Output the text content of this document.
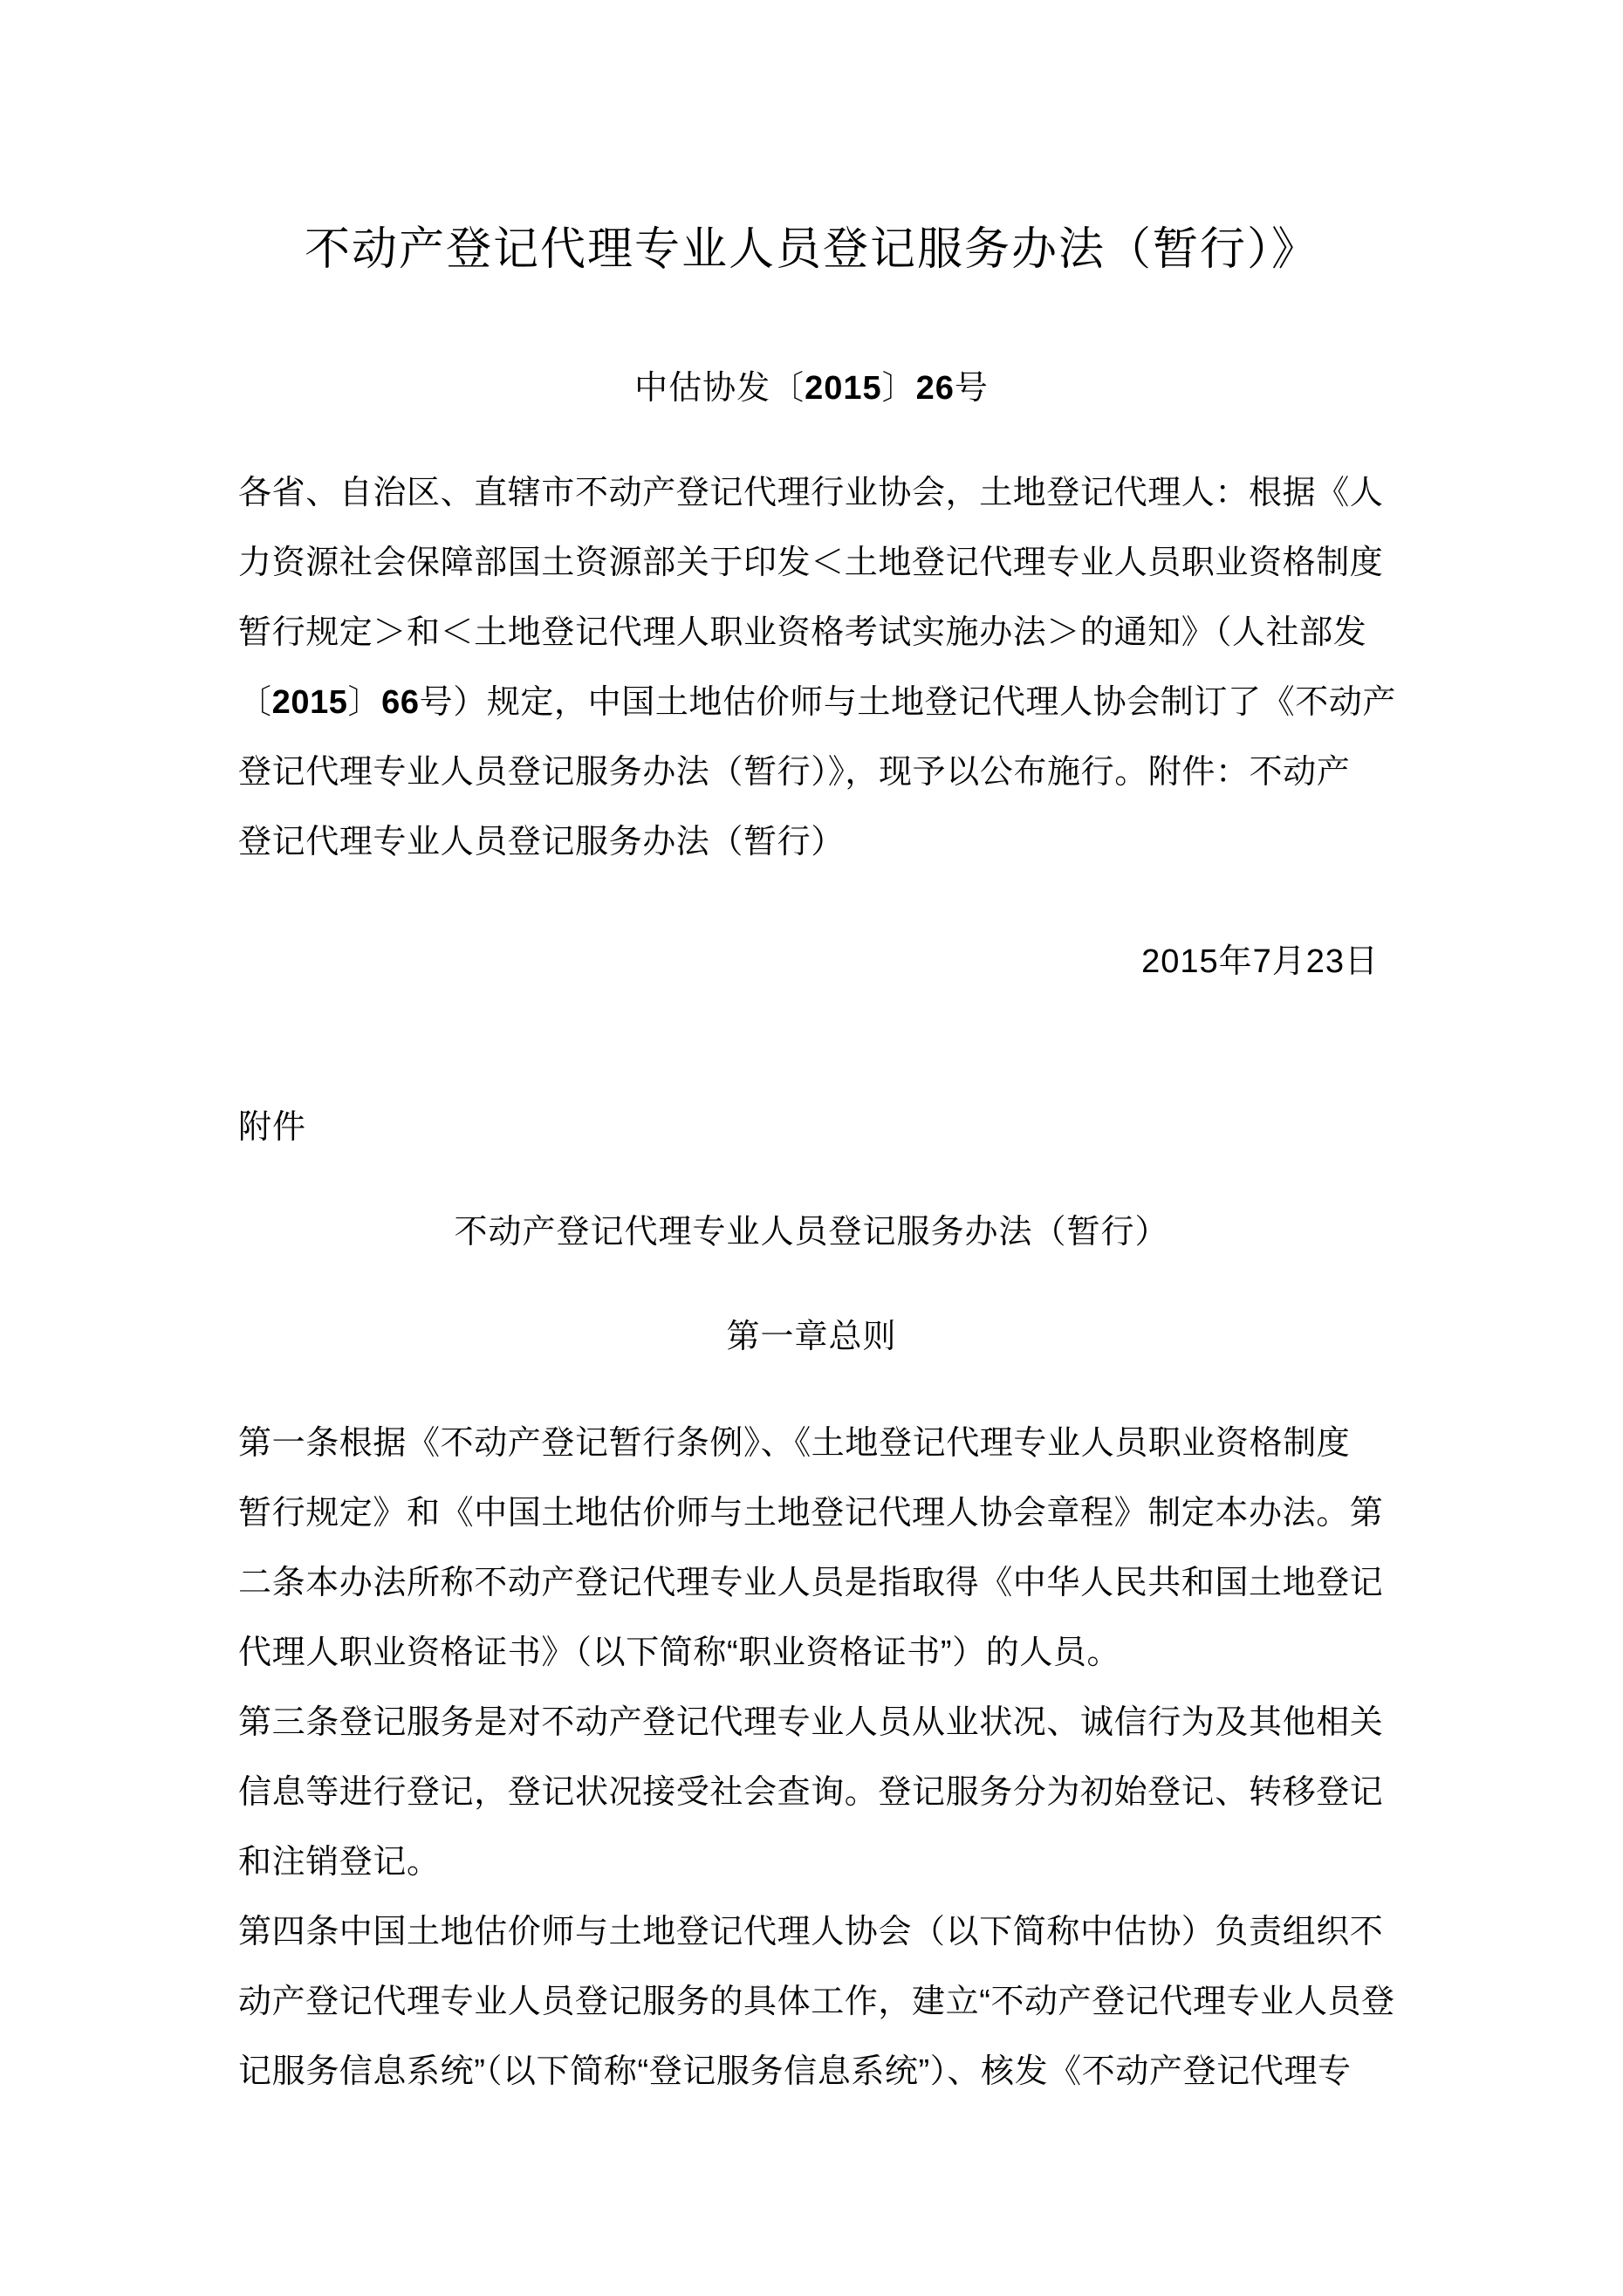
不动产登记代理专业人员登记服务办法（暂行）》
中估协发〔2015〕26号
各省、自治区、直辖市不动产登记代理行业协会，土地登记代理人：根据《人
力资源社会保障部国土资源部关于印发＜土地登记代理专业人员职业资格制度
暂行规定＞和＜土地登记代理人职业资格考试实施办法＞的通知》（人社部发
〔2015〕66号）规定，中国土地估价师与土地登记代理人协会制订了《不动产
登记代理专业人员登记服务办法（暂行）》，现予以公布施行。附件：不动产
登记代理专业人员登记服务办法（暂行）
2015年7月23日
附件
不动产登记代理专业人员登记服务办法（暂行）
第一章总则
第一条根据《不动产登记暂行条例》、《土地登记代理专业人员职业资格制度
暂行规定》和《中国土地估价师与土地登记代理人协会章程》制定本办法。第
二条本办法所称不动产登记代理专业人员是指取得《中华人民共和国土地登记
代理人职业资格证书》（以下简称“职业资格证书”）的人员。
第三条登记服务是对不动产登记代理专业人员从业状况、诚信行为及其他相关
信息等进行登记，登记状况接受社会查询。登记服务分为初始登记、转移登记
和注销登记。
第四条中国土地估价师与土地登记代理人协会（以下简称中估协）负责组织不
动产登记代理专业人员登记服务的具体工作，建立“不动产登记代理专业人员登
记服务信息系统”（以下简称“登记服务信息系统”）、核发《不动产登记代理专
